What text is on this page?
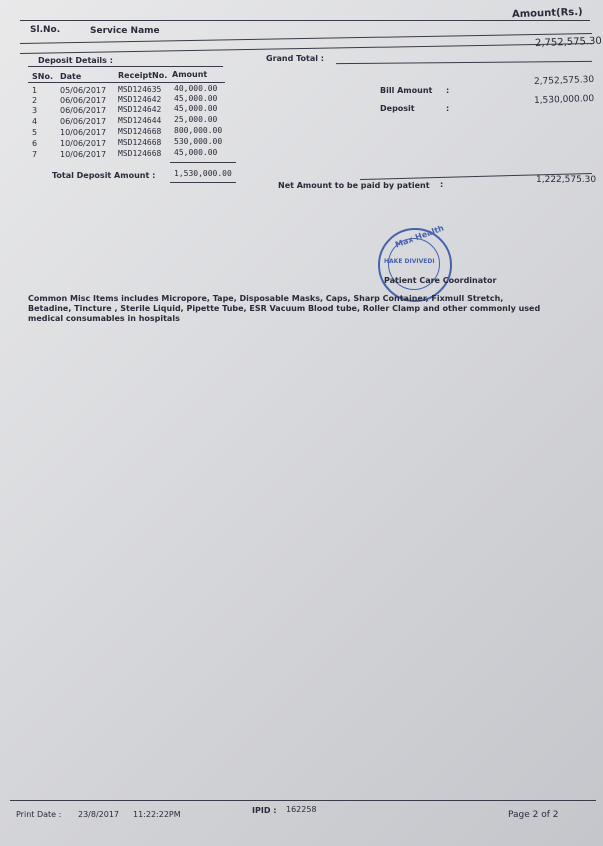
Amount(Rs.)
Sl.No.	Service Name
2,752,575.30
Deposit Details :
SNo. Date	ReceiptNo. Amount
1	05/06/2017 MSD124635 40,000.00
2	06/06/2017 MSD124642 45,000.00
3	06/06/2017 MSD124642 45,000.00
4	06/06/2017 MSD124644 25,000.00
5	10/06/2017 MSD124668 800,000.00
6	10/06/2017 MSD124668 530,000.00
7	10/06/2017 MSD124668 45,000.00
Total Deposit Amount : 1,530,000.00
Grand Total :
Bill Amount :
2,752,575.30
Deposit	:
1,530,000.00
Net Amount to be paid by patient :	1,222,575.30
Max Health
HAKE DIVIVEDI
Patient Care Coordinator
Common Misc Items includes Micropore, Tape, Disposable Masks, Caps, Sharp Container, Fixmull Stretch,
Betadine, Tincture , Sterile Liquid, Pipette Tube, ESR Vacuum Blood tube, Roller Clamp and other commonly used
medical consumables in hospitals
Print Date : 23/8/2017 11:22:22PM	IPID : 162258
Page 2 of 2
